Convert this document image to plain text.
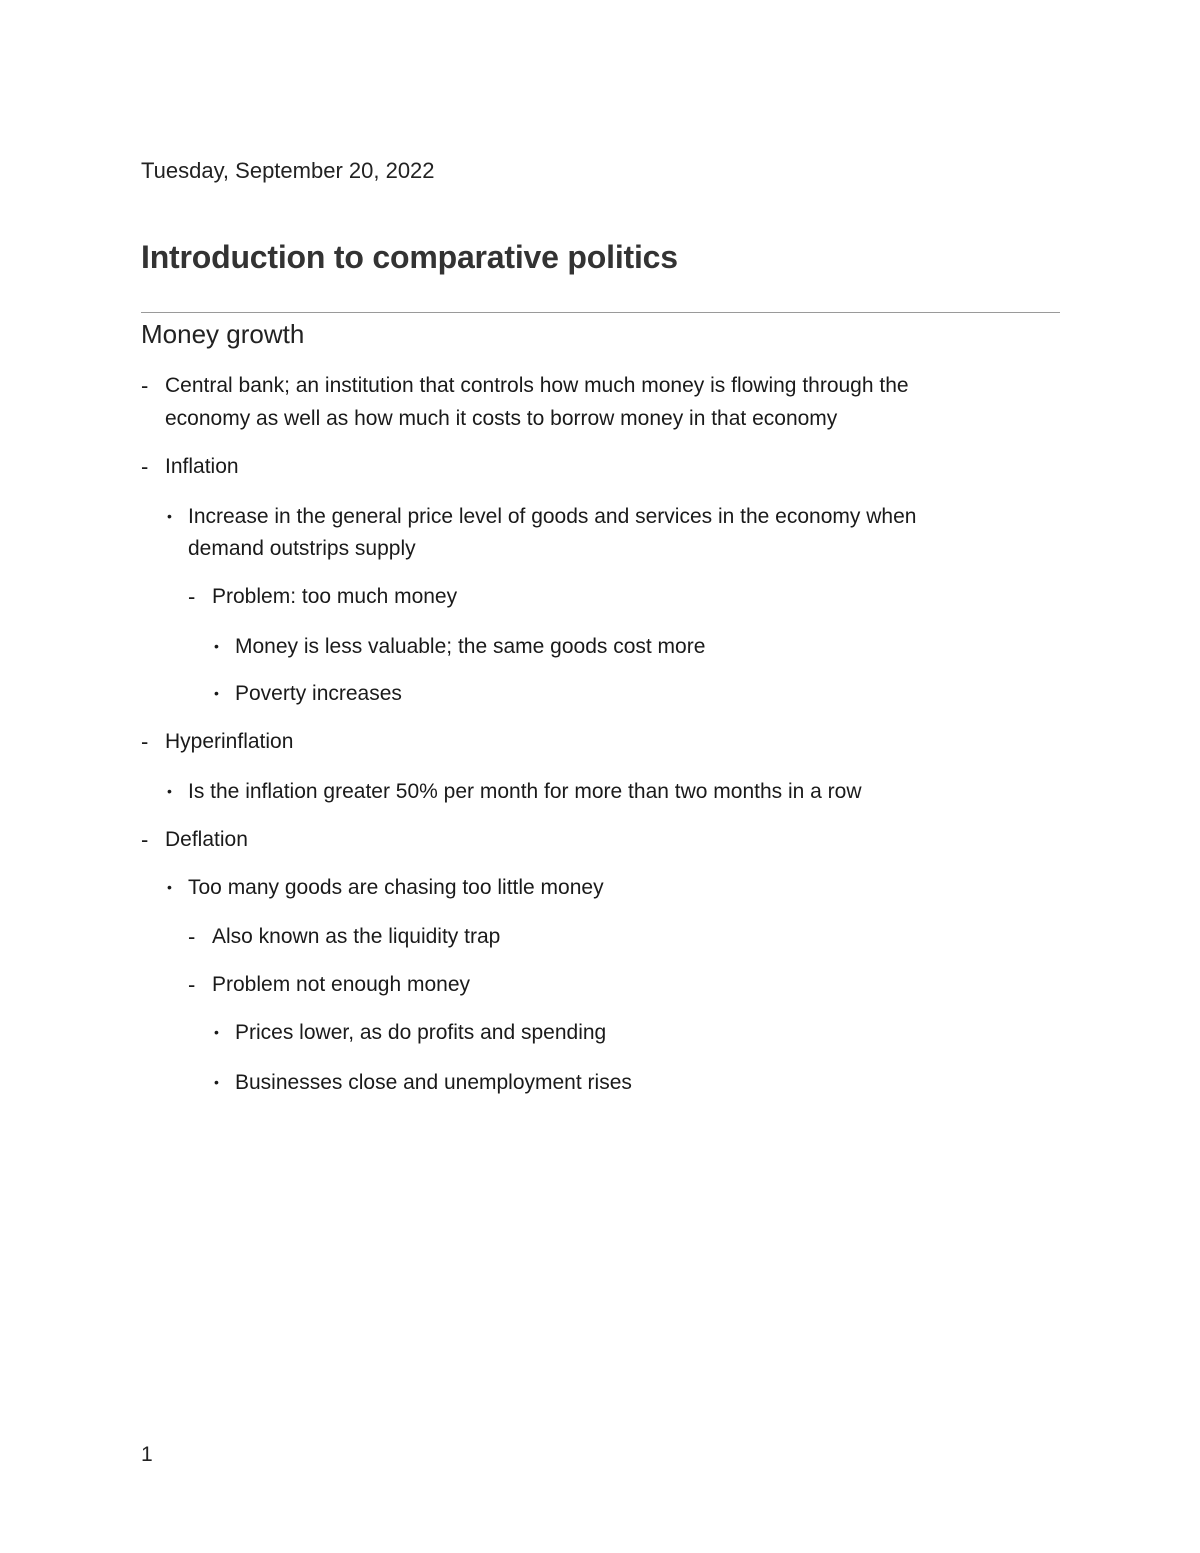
Tuesday, September 20, 2022
Introduction to comparative politics
Money growth
- Central bank; an institution that controls how much money is flowing through the
economy as well as how much it costs to borrow money in that economy
- Inflation
• Increase in the general price level of goods and services in the economy when
demand outstrips supply
- Problem: too much money
• Money is less valuable; the same goods cost more
• Poverty increases
- Hyperinflation
• Is the inflation greater 50% per month for more than two months in a row
- Deflation
• Too many goods are chasing too little money
- Also known as the liquidity trap
- Problem not enough money
• Prices lower, as do profits and spending
• Businesses close and unemployment rises
1
